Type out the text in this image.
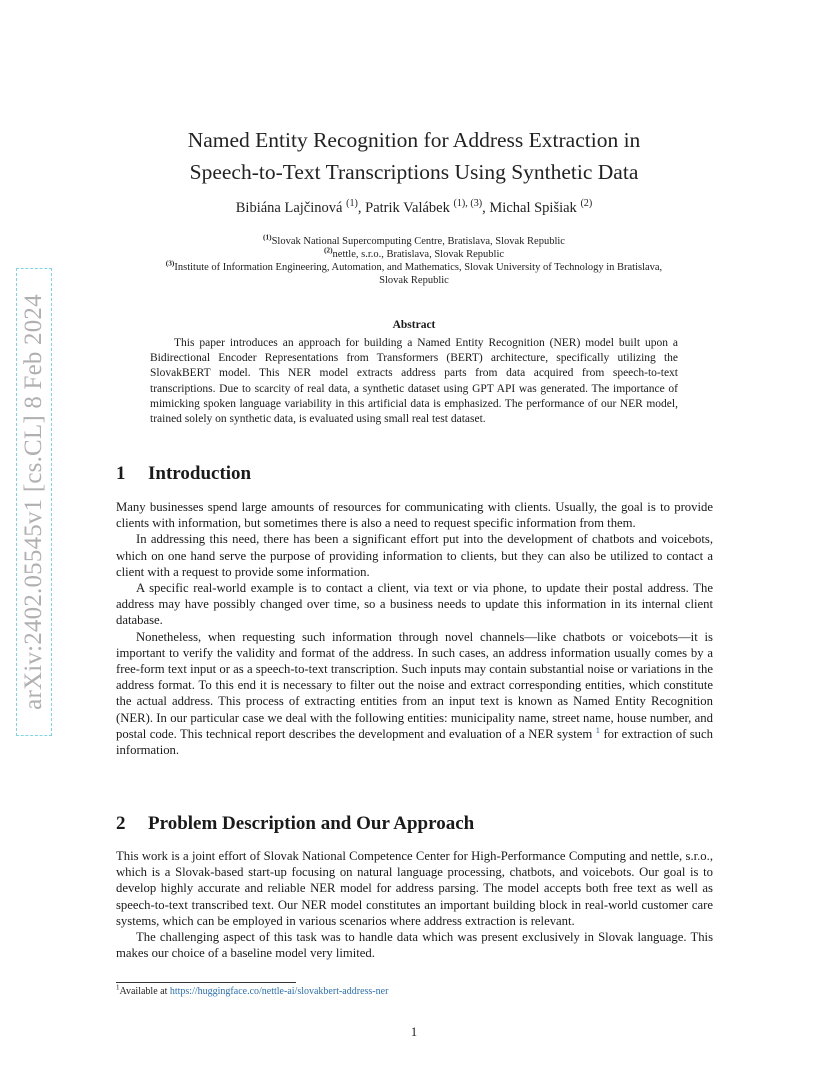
arXiv:2402.05545v1 [cs.CL] 8 Feb 2024
Named Entity Recognition for Address Extraction in
Speech-to-Text Transcriptions Using Synthetic Data
Bibiána Lajčinová $^{(1)}$, Patrik Valábek $^{(1), (3)}$, Michal Spišiak $^{(2)}$
$^{(1)}$Slovak National Supercomputing Centre, Bratislava, Slovak Republic
$^{(2)}$nettle, s.r.o., Bratislava, Slovak Republic
$^{(3)}$Institute of Information Engineering, Automation, and Mathematics, Slovak University of Technology in Bratislava,
Slovak Republic
Abstract

This paper introduces an approach for building a Named Entity Recognition (NER) model built upon a Bidirectional Encoder Representations from Transformers (BERT) architecture, specifically utilizing the SlovakBERT model. This NER model extracts address parts from data acquired from speech-to-text transcriptions. Due to scarcity of real data, a synthetic dataset using GPT API was generated. The importance of mimicking spoken language variability in this artificial data is emphasized. The performance of our NER model, trained solely on synthetic data, is evaluated using small real test dataset.

1 Introduction

Many businesses spend large amounts of resources for communicating with clients. Usually, the goal is to provide clients with information, but sometimes there is also a need to request specific information from them.

In addressing this need, there has been a significant effort put into the development of chatbots and voicebots, which on one hand serve the purpose of providing information to clients, but they can also be utilized to contact a client with a request to provide some information.

A specific real-world example is to contact a client, via text or via phone, to update their postal address. The address may have possibly changed over time, so a business needs to update this information in its internal client database.

Nonetheless, when requesting such information through novel channels—like chatbots or voicebots—it is important to verify the validity and format of the address. In such cases, an address information usually comes by a free-form text input or as a speech-to-text transcription. Such inputs may contain substantial noise or variations in the address format. To this end it is necessary to filter out the noise and extract corresponding entities, which constitute the actual address. This process of extracting entities from an input text is known as Named Entity Recognition (NER). In our particular case we deal with the following entities: municipality name, street name, house number, and postal code. This technical report describes the development and evaluation of a NER system $^1$ for extraction of such information.

2 Problem Description and Our Approach

This work is a joint effort of Slovak National Competence Center for High-Performance Computing and nettle, s.r.o., which is a Slovak-based start-up focusing on natural language processing, chatbots, and voicebots. Our goal is to develop highly accurate and reliable NER model for address parsing. The model accepts both free text as well as speech-to-text transcribed text. Our NER model constitutes an important building block in real-world customer care systems, which can be employed in various scenarios where address extraction is relevant.

The challenging aspect of this task was to handle data which was present exclusively in Slovak language. This makes our choice of a baseline model very limited.

$^1$Available at https://huggingface.co/nettle-ai/slovakbert-address-ner
1
